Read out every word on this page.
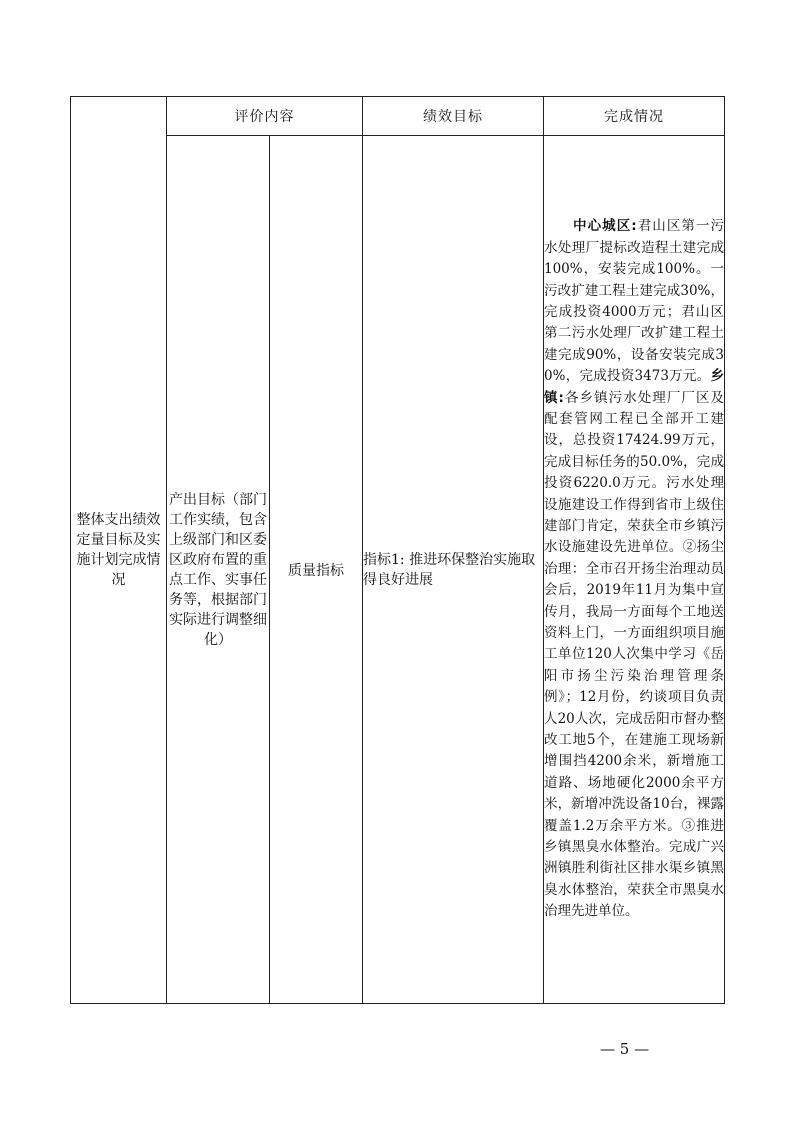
整体支出绩效定量目标及实施计划完成情况	评价内容		绩效目标	完成情况
	产出目标（部门工作实绩，包含上级部门和区委区政府布置的重点工作、实事任务等，根据部门实际进行调整细化）	质量指标	指标1: 推进环保整治实施取得良好进展	中心城区:君山区第一污水处理厂提标改造程土建完成100%，安装完成100%。一污改扩建工程土建完成30%，完成投资4000万元；君山区第二污水处理厂改扩建工程土建完成90%，设备安装完成30%，完成投资3473万元。乡镇:各乡镇污水处理厂厂区及配套管网工程已全部开工建设，总投资17424.99万元，完成目标任务的50.0%，完成投资6220.0万元。污水处理设施建设工作得到省市上级住建部门肯定，荣获全市乡镇污水设施建设先进单位。②扬尘治理：全市召开扬尘治理动员会后，2019年11月为集中宣传月，我局一方面每个工地送资料上门，一方面组织项目施工单位120人次集中学习《岳阳市扬尘污染治理管理条例》；12月份，约谈项目负责人20人次，完成岳阳市督办整改工地5个，在建施工现场新增围挡4200余米，新增施工道路、场地硬化2000余平方米，新增冲洗设备10台，裸露覆盖1.2万余平方米。③推进乡镇黑臭水体整治。完成广兴洲镇胜利街社区排水渠乡镇黑臭水体整治，荣获全市黑臭水治理先进单位。
— 5 —
